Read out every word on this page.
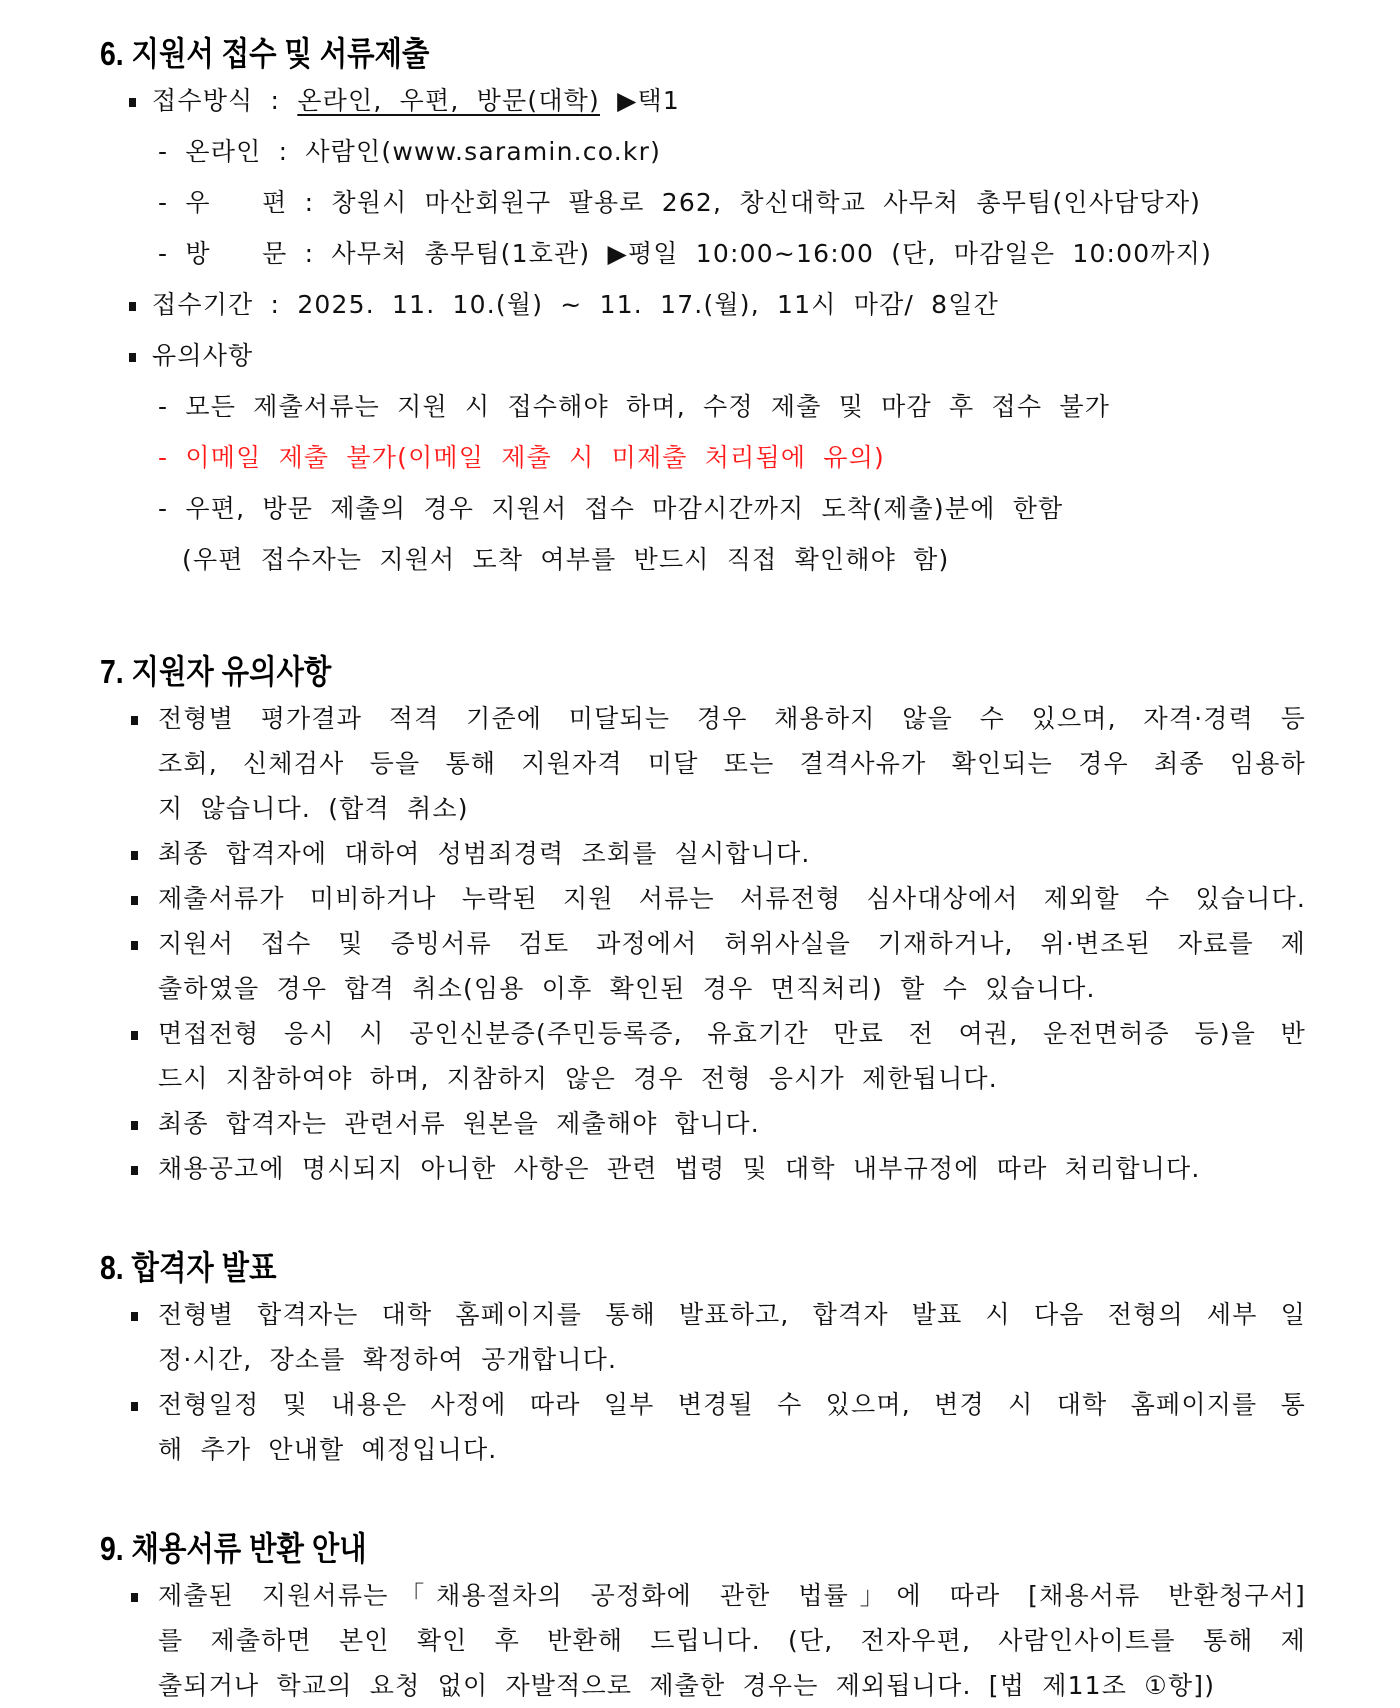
6. 지원서 접수 및 서류제출
접수방식 : 온라인, 우편, 방문(대학) ▶택1
- 온라인 : 사람인(www.saramin.co.kr)
- 우   편 : 창원시 마산회원구 팔용로 262, 창신대학교 사무처 총무팀(인사담당자)
- 방   문 : 사무처 총무팀(1호관) ▶평일 10:00~16:00 (단, 마감일은 10:00까지)
접수기간 : 2025. 11. 10.(월) ~ 11. 17.(월), 11시 마감/ 8일간
유의사항
- 모든 제출서류는 지원 시 접수해야 하며, 수정 제출 및 마감 후 접수 불가
- 이메일 제출 불가(이메일 제출 시 미제출 처리됨에 유의)
- 우편, 방문 제출의 경우 지원서 접수 마감시간까지 도착(제출)분에 한함
(우편 접수자는 지원서 도착 여부를 반드시 직접 확인해야 함)
7. 지원자 유의사항
전형별 평가결과 적격 기준에 미달되는 경우 채용하지 않을 수 있으며, 자격·경력 등
조회, 신체검사 등을 통해 지원자격 미달 또는 결격사유가 확인되는 경우 최종 임용하
지 않습니다. (합격 취소)
최종 합격자에 대하여 성범죄경력 조회를 실시합니다.
제출서류가 미비하거나 누락된 지원 서류는 서류전형 심사대상에서 제외할 수 있습니다.
지원서 접수 및 증빙서류 검토 과정에서 허위사실을 기재하거나, 위·변조된 자료를 제
출하였을 경우 합격 취소(임용 이후 확인된 경우 면직처리) 할 수 있습니다.
면접전형 응시 시 공인신분증(주민등록증, 유효기간 만료 전 여권, 운전면허증 등)을 반
드시 지참하여야 하며, 지참하지 않은 경우 전형 응시가 제한됩니다.
최종 합격자는 관련서류 원본을 제출해야 합니다.
채용공고에 명시되지 아니한 사항은 관련 법령 및 대학 내부규정에 따라 처리합니다.
8. 합격자 발표
전형별 합격자는 대학 홈페이지를 통해 발표하고, 합격자 발표 시 다음 전형의 세부 일
정·시간, 장소를 확정하여 공개합니다.
전형일정 및 내용은 사정에 따라 일부 변경될 수 있으며, 변경 시 대학 홈페이지를 통
해 추가 안내할 예정입니다.
9. 채용서류 반환 안내
제출된 지원서류는「채용절차의 공정화에 관한 법률」에 따라 [채용서류 반환청구서]
를 제출하면 본인 확인 후 반환해 드립니다. (단, 전자우편, 사람인사이트를 통해 제
출되거나 학교의 요청 없이 자발적으로 제출한 경우는 제외됩니다. [법 제11조 ①항])
